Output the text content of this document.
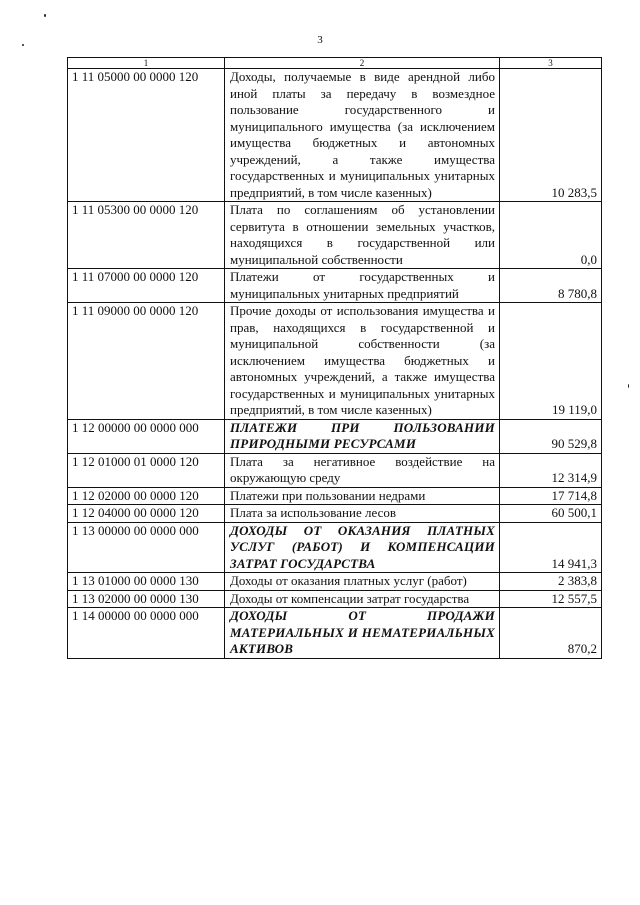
3
1	2	3
1 11 05000 00 0000 120	Доходы, получаемые в виде арендной либо иной платы за передачу в возмездное пользование государственного и муниципального имущества (за исключением имущества бюджетных и автономных учреждений, а также имущества государственных и муниципальных унитарных предприятий, в том числе казенных)	10 283,5
1 11 05300 00 0000 120	Плата по соглашениям об установлении сервитута в отношении земельных участков, находящихся в государственной или муниципальной собственности	0,0
1 11 07000 00 0000 120	Платежи от государственных и муниципальных унитарных предприятий	8 780,8
1 11 09000 00 0000 120	Прочие доходы от использования имущества и прав, находящихся в государственной и муниципальной собственности (за исключением имущества бюджетных и автономных учреждений, а также имущества государственных и муниципальных унитарных предприятий, в том числе казенных)	19 119,0
1 12 00000 00 0000 000	ПЛАТЕЖИ ПРИ ПОЛЬЗОВАНИИ ПРИРОДНЫМИ РЕСУРСАМИ	90 529,8
1 12 01000 01 0000 120	Плата за негативное воздействие на окружающую среду	12 314,9
1 12 02000 00 0000 120	Платежи при пользовании недрами	17 714,8
1 12 04000 00 0000 120	Плата за использование лесов	60 500,1
1 13 00000 00 0000 000	ДОХОДЫ ОТ ОКАЗАНИЯ ПЛАТНЫХ УСЛУГ (РАБОТ) И КОМПЕНСАЦИИ ЗАТРАТ ГОСУДАРСТВА	14 941,3
1 13 01000 00 0000 130	Доходы от оказания платных услуг (работ)	2 383,8
1 13 02000 00 0000 130	Доходы от компенсации затрат государства	12 557,5
1 14 00000 00 0000 000	ДОХОДЫ ОТ ПРОДАЖИ МАТЕРИАЛЬНЫХ И НЕМАТЕРИАЛЬНЫХ АКТИВОВ	870,2
